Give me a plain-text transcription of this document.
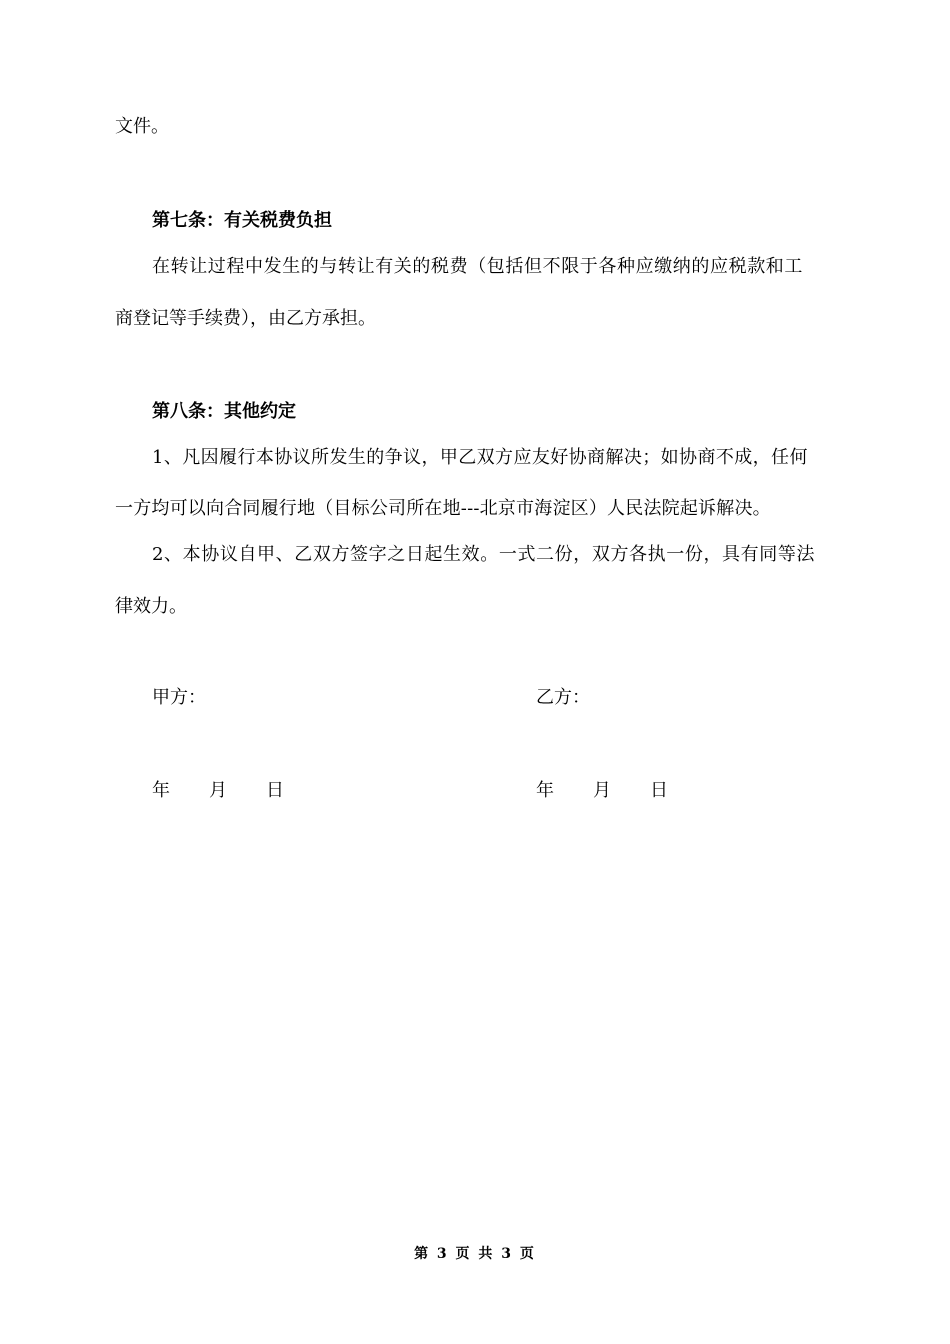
文件。

第七条：有关税费负担

在转让过程中发生的与转让有关的税费（包括但不限于各种应缴纳的应税款和工

商登记等手续费），由乙方承担。

第八条：其他约定

1、凡因履行本协议所发生的争议，甲乙双方应友好协商解决；如协商不成，任何

一方均可以向合同履行地（目标公司所在地---北京市海淀区）人民法院起诉解决。

2、本协议自甲、乙双方签字之日起生效。一式二份，双方各执一份，具有同等法

律效力。

甲方：	乙方：

年 月 日	年 月 日

第 3 页 共 3 页
